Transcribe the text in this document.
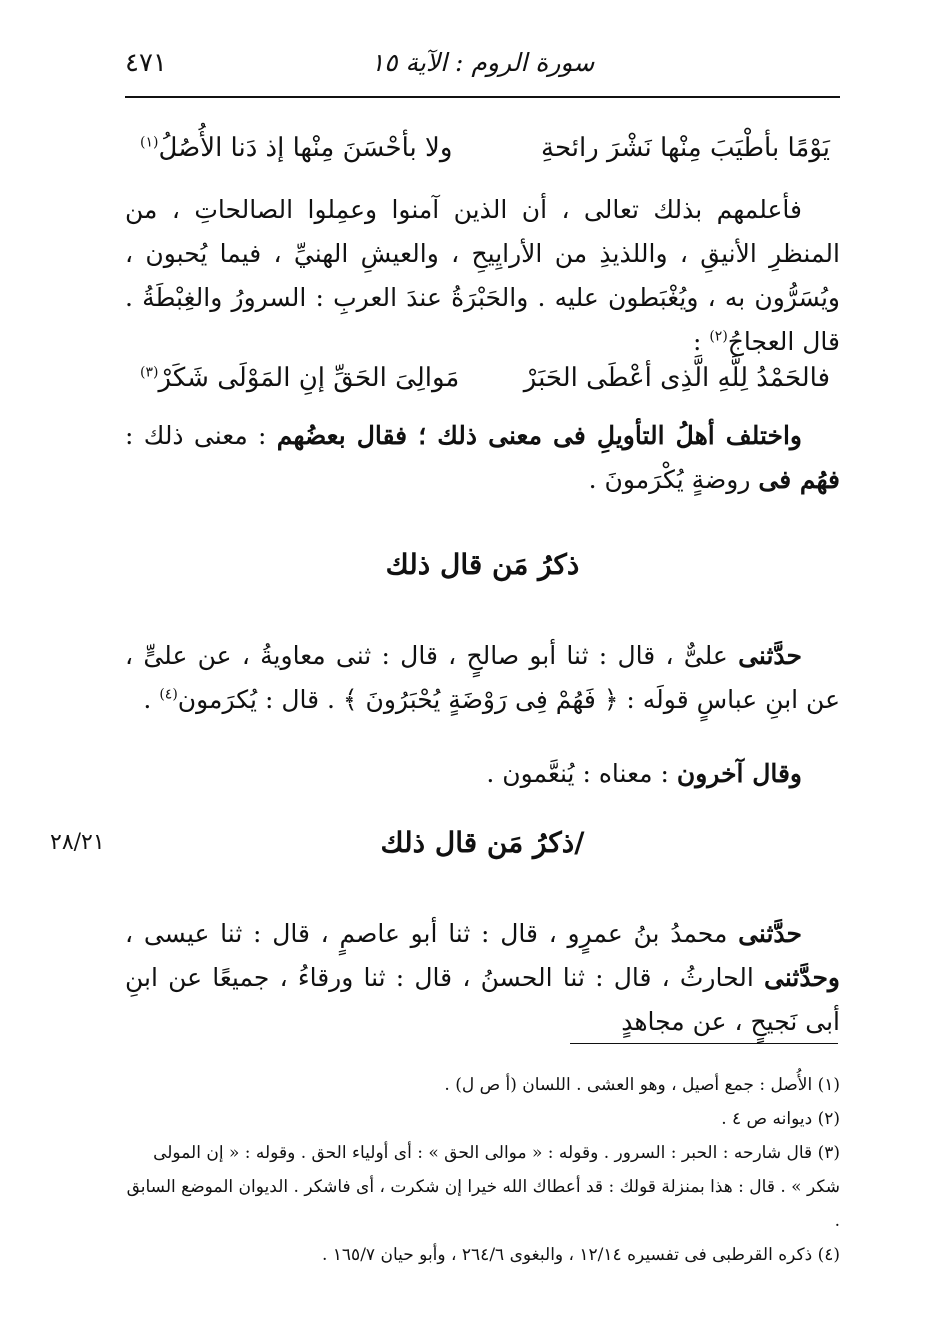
٤٧١	سورة الروم : الآية ١٥
يَوْمًا بأطْيَبَ مِنْها نَشْرَ رائحةِ
ولا بأحْسَنَ مِنْها إذ دَنا الأُصُلُ$^{(١)}$
فأعلمهم بذلك تعالى ، أن الذين آمنوا وعمِلوا الصالحاتِ ، من المنظرِ الأنيقِ ، واللذيذِ من الأرايِيحِ ، والعيشِ الهنيِّ ، فيما يُحبون ، ويُسَرُّون به ، ويُغْبَطون عليه . والحَبْرَةُ عندَ العربِ : السرورُ والغِبْطَةُ . قال العجاجُ$^{(٢)}$ :
فالحَمْدُ لِلَّهِ الَّذِى أعْطَى الحَبَرْ
مَوالِىَ الحَقِّ إنِ المَوْلَى شَكَرْ$^{(٣)}$
واختلف أهلُ التأويلِ فى معنى ذلك ؛ فقال بعضُهم : معنى ذلك : فهُم فى روضةٍ يُكْرَمونَ .
ذكرُ مَن قال ذلك
حدَّثنى علىٌّ ، قال : ثنا أبو صالحٍ ، قال : ثنى معاويةُ ، عن علىٍّ ، عن ابنِ عباسٍ قولَه : ﴿ فَهُمْ فِى رَوْضَةٍ يُحْبَرُونَ ﴾ . قال : يُكرَمون$^{(٤)}$ .
وقال آخرون : معناه : يُنعَّمون .
/ذكرُ مَن قال ذلك
٢٨/٢١
حدَّثنى محمدُ بنُ عمرٍو ، قال : ثنا أبو عاصمٍ ، قال : ثنا عيسى ، وحدَّثنى الحارثُ ، قال : ثنا الحسنُ ، قال : ثنا ورقاءُ ، جميعًا عن ابنِ أبى نَجيحٍ ، عن مجاهدٍ
(١) الأُصل : جمع أصيل ، وهو العشى . اللسان (أ ص ل) .
(٢) ديوانه ص ٤ .
(٣) قال شارحه : الحبر : السرور . وقوله : « موالى الحق » : أى أولياء الحق . وقوله : « إن المولى شكر » . قال : هذا بمنزلة قولك : قد أعطاك الله خيرا إن شكرت ، أى فاشكر . الديوان الموضع السابق .
(٤) ذكره القرطبى فى تفسيره ١٢/١٤ ، والبغوى ٢٦٤/٦ ، وأبو حيان ١٦٥/٧ .
